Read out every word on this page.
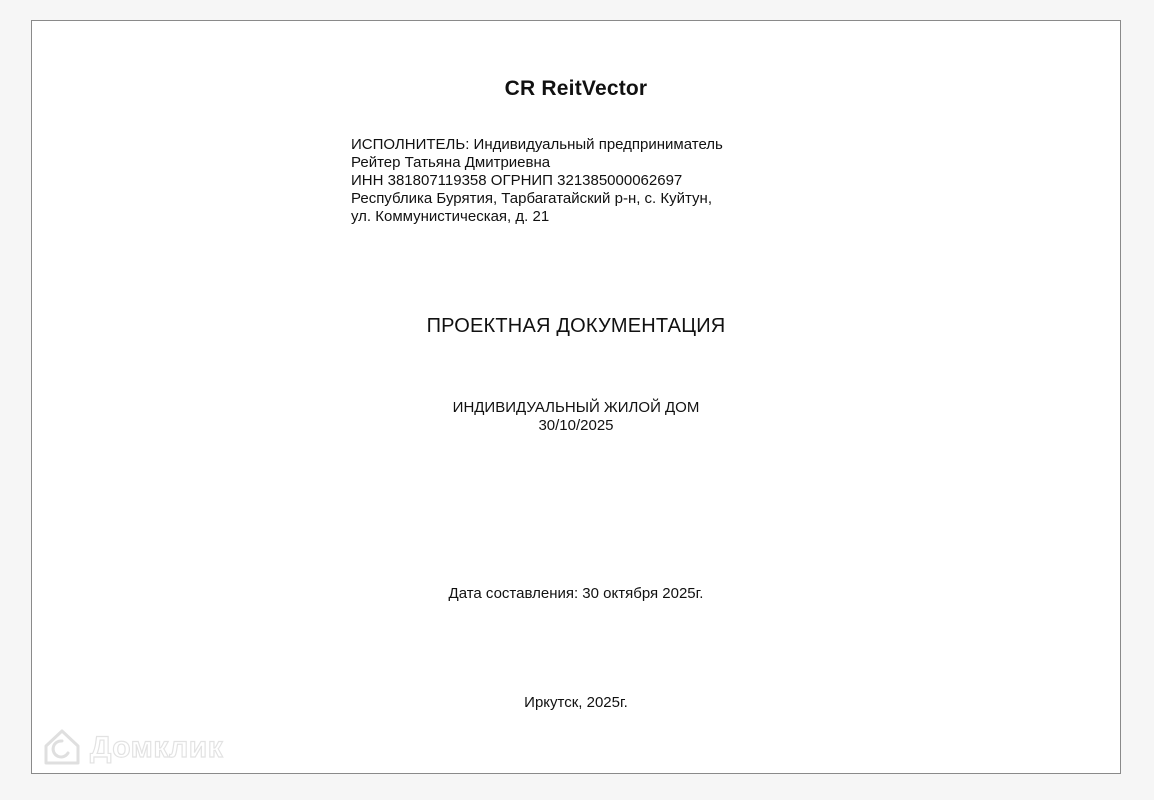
CR ReitVector
ИСПОЛНИТЕЛЬ: Индивидуальный предприниматель
Рейтер Татьяна Дмитриевна
ИНН 381807119358 ОГРНИП 321385000062697
Республика Бурятия, Тарбагатайский р-н, с. Куйтун,
ул. Коммунистическая, д. 21
ПРОЕКТНАЯ ДОКУМЕНТАЦИЯ
ИНДИВИДУАЛЬНЫЙ ЖИЛОЙ ДОМ
30/10/2025
Дата составления: 30 октября 2025г.
Иркутск, 2025г.
Домклик
